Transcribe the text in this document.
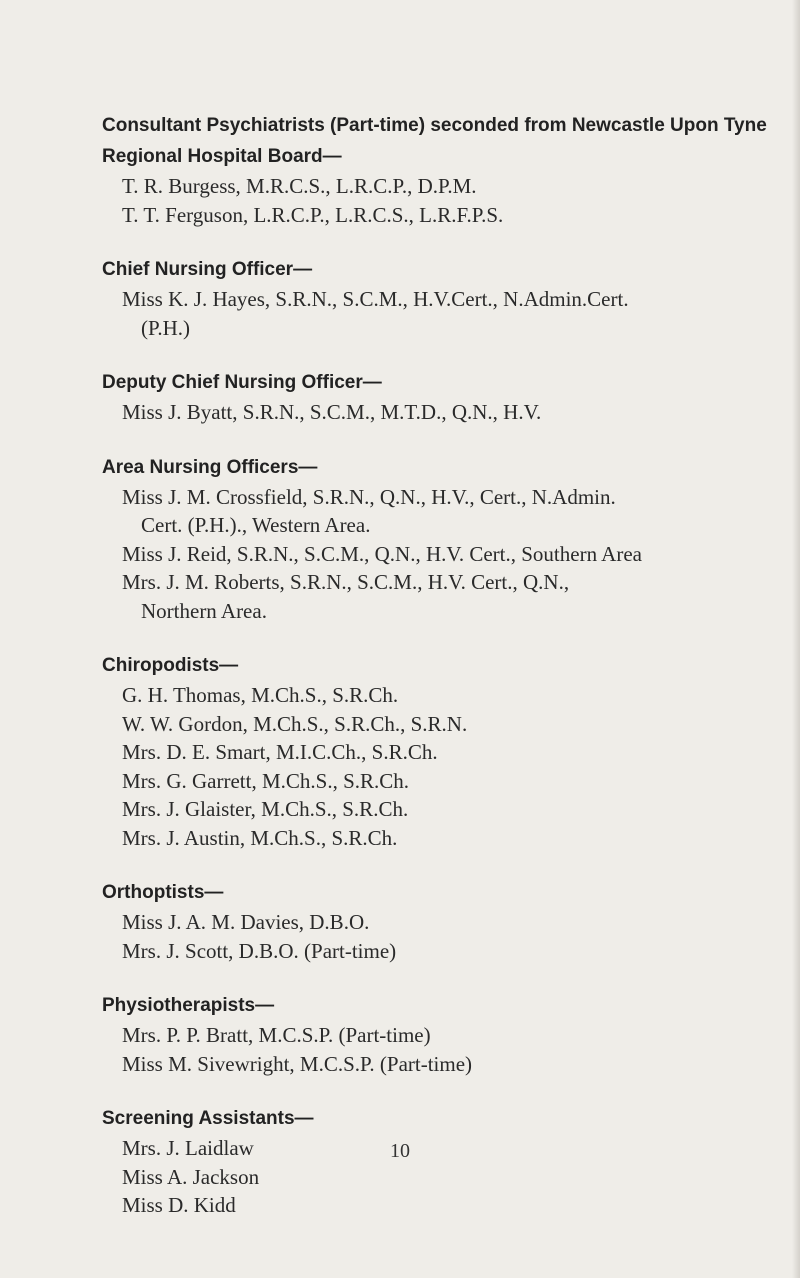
Consultant Psychiatrists (Part-time) seconded from Newcastle Upon Tyne Regional Hospital Board—

T. R. Burgess, M.R.C.S., L.R.C.P., D.P.M.

T. T. Ferguson, L.R.C.P., L.R.C.S., L.R.F.P.S.

Chief Nursing Officer—

Miss K. J. Hayes, S.R.N., S.C.M., H.V.Cert., N.Admin.Cert.
(P.H.)

Deputy Chief Nursing Officer—

Miss J. Byatt, S.R.N., S.C.M., M.T.D., Q.N., H.V.

Area Nursing Officers—

Miss J. M. Crossfield, S.R.N., Q.N., H.V., Cert., N.Admin.
Cert. (P.H.)., Western Area.

Miss J. Reid, S.R.N., S.C.M., Q.N., H.V. Cert., Southern Area

Mrs. J. M. Roberts, S.R.N., S.C.M., H.V. Cert., Q.N.,
Northern Area.

Chiropodists—

G. H. Thomas, M.Ch.S., S.R.Ch.

W. W. Gordon, M.Ch.S., S.R.Ch., S.R.N.

Mrs. D. E. Smart, M.I.C.Ch., S.R.Ch.

Mrs. G. Garrett, M.Ch.S., S.R.Ch.

Mrs. J. Glaister, M.Ch.S., S.R.Ch.

Mrs. J. Austin, M.Ch.S., S.R.Ch.

Orthoptists—

Miss J. A. M. Davies, D.B.O.

Mrs. J. Scott, D.B.O. (Part-time)

Physiotherapists—

Mrs. P. P. Bratt, M.C.S.P. (Part-time)

Miss M. Sivewright, M.C.S.P. (Part-time)

Screening Assistants—

Mrs. J. Laidlaw

Miss A. Jackson

Miss D. Kidd

10
